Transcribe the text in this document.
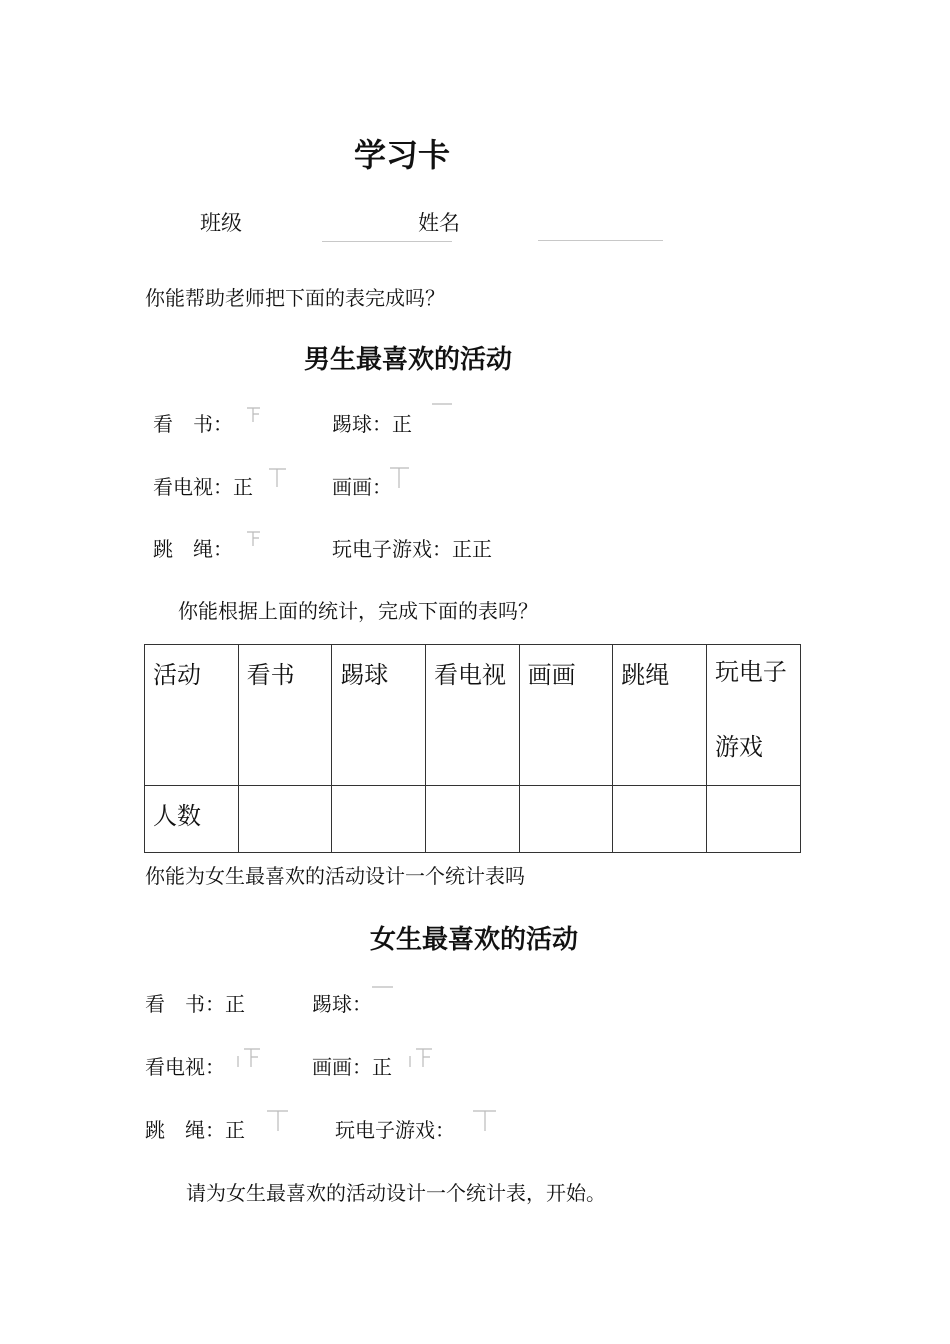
学习卡
班级	姓名
你能帮助老师把下面的表完成吗？
男生最喜欢的活动
看　书：	踢球：正
看电视：正	画画：
跳　绳：	玩电子游戏：正正
你能根据上面的统计，完成下面的表吗？
活动	看书	踢球	看电视	画画	跳绳	玩电子游戏

人数						
你能为女生最喜欢的活动设计一个统计表吗
女生最喜欢的活动
看　书：正	踢球：
看电视：	画画：正
跳　绳：正	玩电子游戏：
请为女生最喜欢的活动设计一个统计表，开始。
